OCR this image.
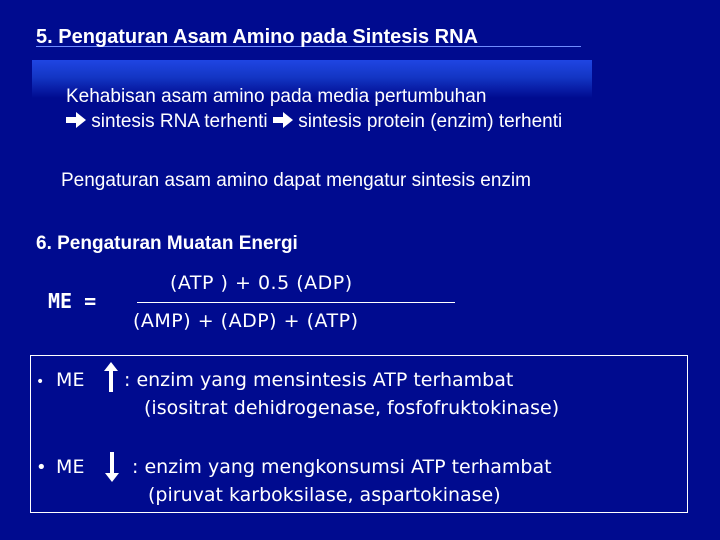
5. Pengaturan Asam Amino pada Sintesis RNA
Kehabisan asam amino pada media pertumbuhan
sintesis RNA terhenti sintesis protein (enzim) terhenti
Pengaturan asam amino dapat mengatur sintesis enzim
6. Pengaturan Muatan Energi
ME =
(ATP ) + 0.5 (ADP)
(AMP) + (ADP) + (ATP)
• ME : enzim yang mensintesis ATP terhambat
(isositrat dehidrogenase, fosfofruktokinase)
• ME	: enzim yang mengkonsumsi ATP terhambat
(piruvat karboksilase, aspartokinase)
